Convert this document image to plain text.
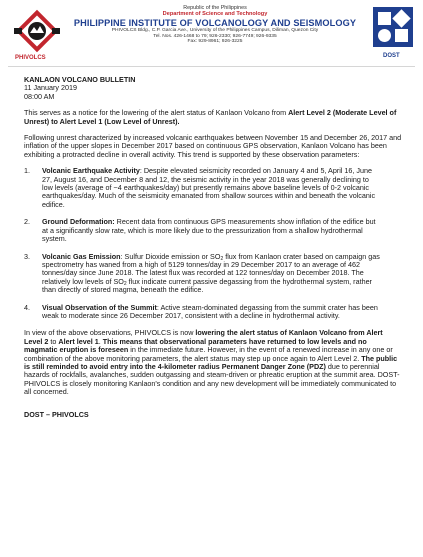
PHIVOLCS
Republic of the Philippines
Department of Science and Technology
PHILIPPINE INSTITUTE OF VOLCANOLOGY AND SEISMOLOGY
PHIVOLCS Bldg., C.P. Garcia Ave., University of the Philippines Campus, Diliman, Quezon City
Tel. Nos. 426-1468 to 79; 926-2330; 926-7749; 926-9335
Fax: 929-8961; 926-3225
DOST
KANLAON VOLCANO BULLETIN
11 January 2019
08:00 AM

This serves as a notice for the lowering of the alert status of Kanlaon Volcano from Alert Level 2 (Moderate Level of Unrest) to Alert Level 1 (Low Level of Unrest).

Following unrest characterized by increased volcanic earthquakes between November 15 and December 26, 2017 and inflation of the upper slopes in December 2017 based on continuous GPS observation, Kanlaon Volcano has been exhibiting a protracted decline in overall activity. This trend is supported by these observation parameters:

1. Volcanic Earthquake Activity: Despite elevated seismicity recorded on January 4 and 5, April 16, June 27, August 16, and December 8 and 12, the seismic activity in the year 2018 was generally declining to low levels (average of ~4 earthquakes/day) but presently remains above baseline levels of 0-2 volcanic earthquakes/day. Much of the seismicity emanated from shallow sources within and beneath the volcanic edifice.
2. Ground Deformation: Recent data from continuous GPS measurements show inflation of the edifice but at a significantly slow rate, which is more likely due to the pressurization from a shallow hydrothermal system.
3. Volcanic Gas Emission: Sulfur Dioxide emission or $SO_2$ flux from Kanlaon crater based on campaign gas spectrometry has waned from a high of 5129 tonnes/day in 29 December 2017 to an average of 462 tonnes/day since June 2018. The latest flux was recorded at 122 tonnes/day on December 2018. The relatively low levels of $SO_2$ flux indicate current passive degassing from the hydrothermal system, rather than directly of stored magma, beneath the edifice.
4. Visual Observation of the Summit: Active steam-dominated degassing from the summit crater has been weak to moderate since 26 December 2017, consistent with a decline in hydrothermal activity.

In view of the above observations, PHIVOLCS is now lowering the alert status of Kanlaon Volcano from Alert Level 2 to Alert level 1. This means that observational parameters have returned to low levels and no magmatic eruption is foreseen in the immediate future. However, in the event of a renewed increase in any one or combination of the above monitoring parameters, the alert status may step up once again to Alert Level 2. The public is still reminded to avoid entry into the 4-kilometer radius Permanent Danger Zone (PDZ) due to perennial hazards of rockfalls, avalanches, sudden outgassing and steam-driven or phreatic eruption at the summit area. DOST-PHIVOLCS is closely monitoring Kanlaon's condition and any new development will be immediately communicated to all concerned.

DOST – PHIVOLCS
